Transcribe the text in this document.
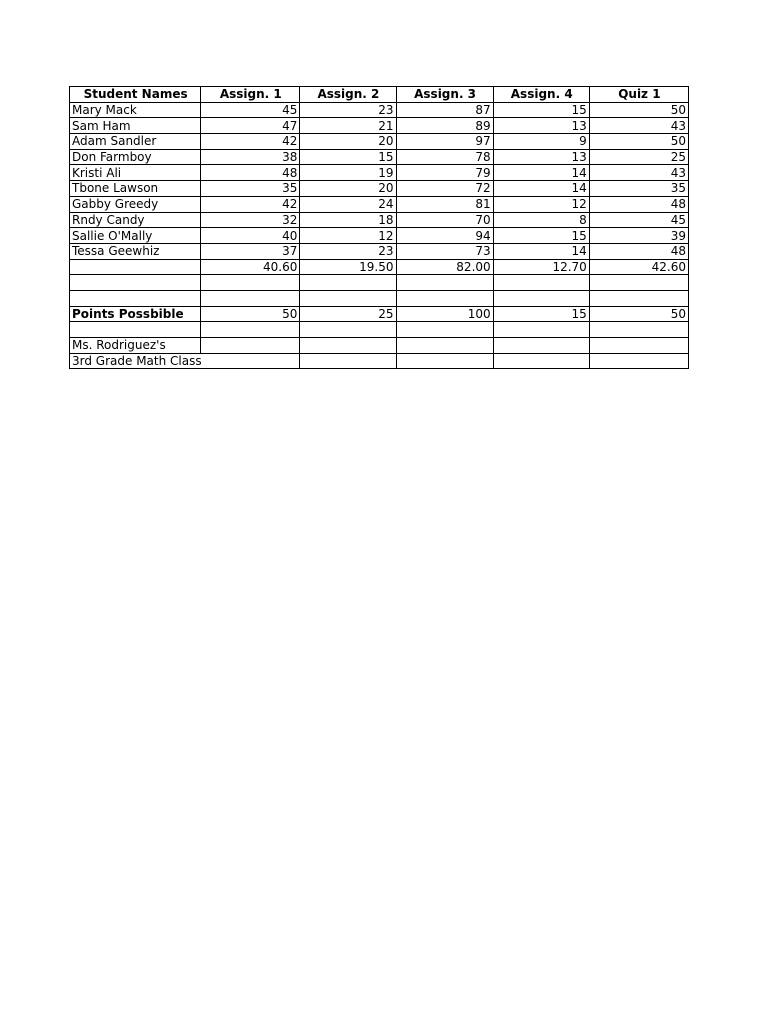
Student Names	Assign. 1	Assign. 2	Assign. 3	Assign. 4	Quiz 1
Mary Mack	45	23	87	15	50
Sam Ham	47	21	89	13	43
Adam Sandler	42	20	97	9	50
Don Farmboy	38	15	78	13	25
Kristi Ali	48	19	79	14	43
Tbone Lawson	35	20	72	14	35
Gabby Greedy	42	24	81	12	48
Rndy Candy	32	18	70	8	45
Sallie O'Mally	40	12	94	15	39
Tessa Geewhiz	37	23	73	14	48
	40.60	19.50	82.00	12.70	42.60

Points Possbible	50	25	100	15	50

Ms. Rodriguez's					
3rd Grade Math Class					
